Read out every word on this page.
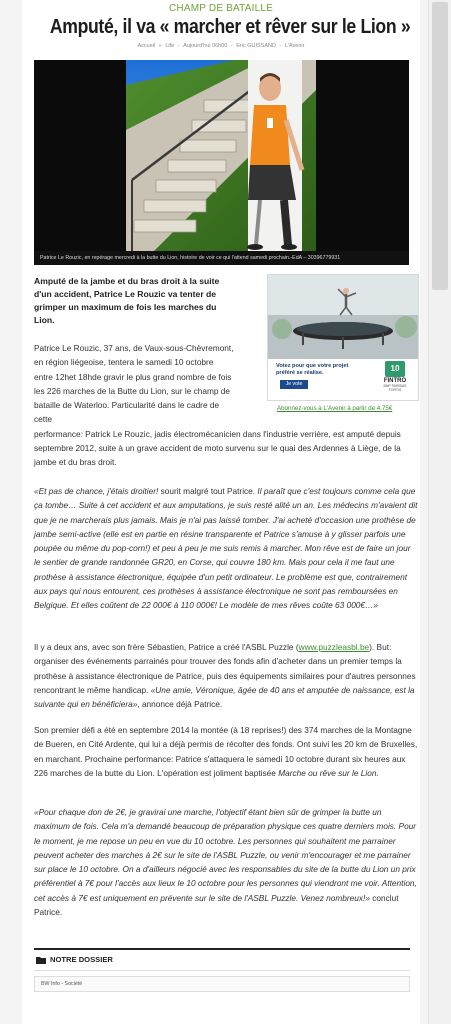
CHAMP DE BATAILLE
Amputé, il va « marcher et rêver sur le Lion »
Accueil » Life - Aujourd'hui 06h00 - Eric GUISSAND - L'Avenir
Patrice Le Rouzic, en repérage mercredi à la butte du Lion, histoire de voir ce qui l'attend samedi prochain.-EdA – 30396779931

Amputé de la jambe et du bras droit à la suite d'un accident, Patrice Le Rouzic va tenter de grimper un maximum de fois les marches du Lion.

Votez pour que votre projet préféré se réalise.
Je vote
10
FINTRO
BNP PARIBAS FORTIS
Abonnez-vous à L'Avenir à partir de 4.75€

Patrice Le Rouzic, 37 ans, de Vaux-sous-Chèvremont, en région liégeoise, tentera le samedi 10 octobre entre 12het 18hde gravir le plus grand nombre de fois les 226 marches de la Butte du Lion, sur le champ de bataille de Waterloo. Particularité dans le cadre de cette
performance: Patrick Le Rouzic, jadis électromécanicien dans l'industrie verrière, est amputé depuis septembre 2012, suite à un grave accident de moto survenu sur le quai des Ardennes à Liège, de la jambe et du bras droit.

«Et pas de chance, j'étais droitier! sourit malgré tout Patrice. Il paraît que c'est toujours comme cela que ça tombe… Suite à cet accident et aux amputations, je suis resté alité un an. Les médecins m'avaient dit que je ne marcherais plus jamais. Mais je n'ai pas laissé tomber. J'ai acheté d'occasion une prothèse de jambe semi-active (elle est en partie en résine transparente et Patrice s'amuse à y glisser parfois une poupée ou même du pop-corn!) et peu à peu je me suis remis à marcher. Mon rêve est de faire un jour le sentier de grande randonnée GR20, en Corse, qui couvre 180 km. Mais pour cela il me faut une prothèse à assistance électronique, équipée d'un petit ordinateur. Le problème est que, contrairement aux pays qui nous entourent, ces prothèses à assistance électronique ne sont pas remboursées en Belgique. Et elles coûtent de 22 000€ à 110 000€! Le modèle de mes rêves coûte 63 000€…»

Il y a deux ans, avec son frère Sébastien, Patrice a créé l'ASBL Puzzle (www.puzzleasbl.be). But: organiser des événements parrainés pour trouver des fonds afin d'acheter dans un premier temps la prothèse à assistance électronique de Patrice, puis des équipements similaires pour d'autres personnes rencontrant le même handicap. «Une amie, Véronique, âgée de 40 ans et amputée de naissance, est la suivante qui en bénéficiera», annonce déjà Patrice.

Son premier défi a été en septembre 2014 la montée (à 18 reprises!) des 374 marches de la Montagne de Bueren, en Cité Ardente, qui lui a déjà permis de récolter des fonds. Ont suivi les 20 km de Bruxelles, en marchant. Prochaine performance: Patrice s'attaquera le samedi 10 octobre durant six heures aux 226 marches de la butte du Lion. L'opération est joliment baptisée Marche ou rêve sur le Lion.

«Pour chaque don de 2€, je gravirai une marche, l'objectif étant bien sûr de grimper la butte un maximum de fois. Cela m'a demandé beaucoup de préparation physique ces quatre derniers mois. Pour le moment, je me repose un peu en vue du 10 octobre. Les personnes qui souhaitent me parrainer peuvent acheter des marches à 2€ sur le site de l'ASBL Puzzle, ou venir m'encourager et me parrainer sur place le 10 octobre. On a d'ailleurs négocié avec les responsables du site de la butte du Lion un prix préférentiel à 7€ pour l'accès aux lieux le 10 octobre pour les personnes qui viendront me voir. Attention, cet accès à 7€ est uniquement en prévente sur le site de l'ASBL Puzzle. Venez nombreux!» conclut Patrice.

NOTRE DOSSIER
BW Info - Société
